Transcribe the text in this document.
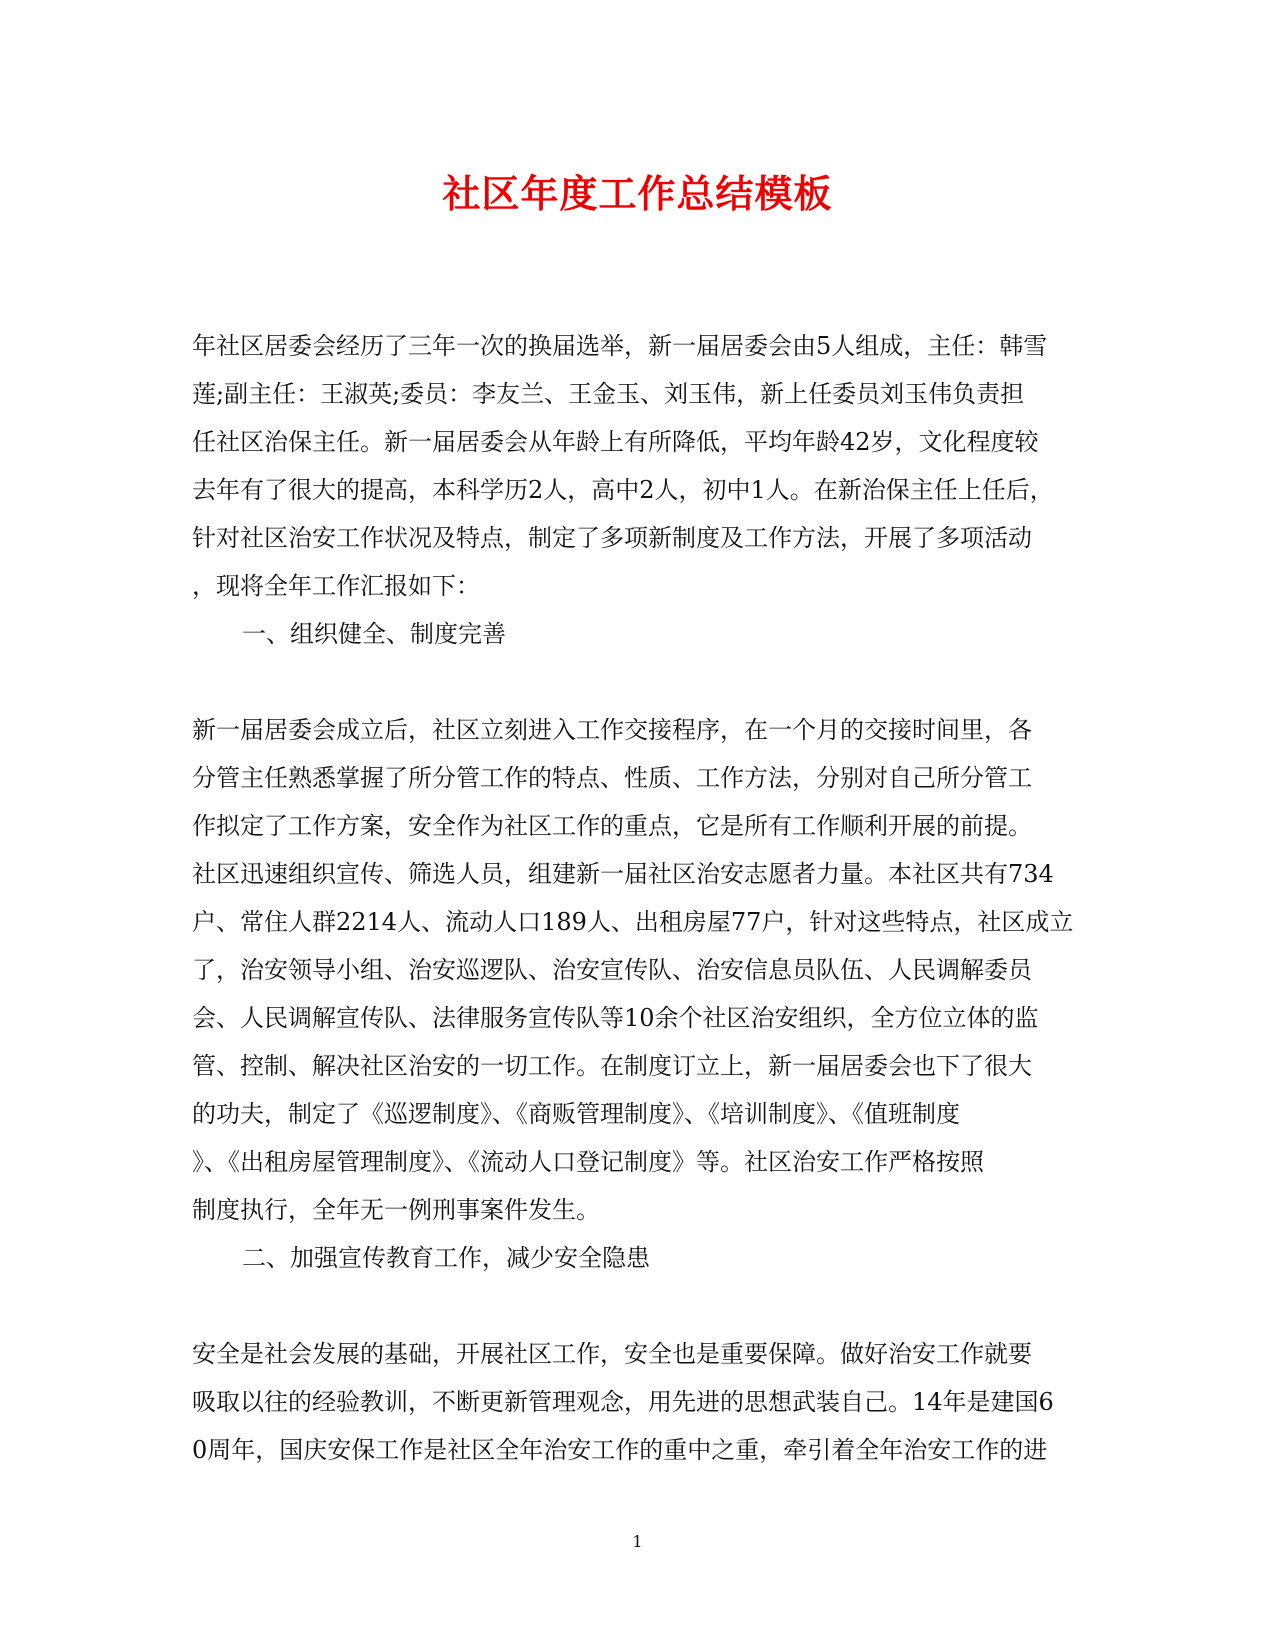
社区年度工作总结模板
年社区居委会经历了三年一次的换届选举，新一届居委会由5人组成，主任：韩雪
莲;副主任：王淑英;委员：李友兰、王金玉、刘玉伟，新上任委员刘玉伟负责担
任社区治保主任。新一届居委会从年龄上有所降低，平均年龄42岁，文化程度较
去年有了很大的提高，本科学历2人，高中2人，初中1人。在新治保主任上任后，
针对社区治安工作状况及特点，制定了多项新制度及工作方法，开展了多项活动
，现将全年工作汇报如下：
一、组织健全、制度完善
新一届居委会成立后，社区立刻进入工作交接程序，在一个月的交接时间里，各
分管主任熟悉掌握了所分管工作的特点、性质、工作方法，分别对自己所分管工
作拟定了工作方案，安全作为社区工作的重点，它是所有工作顺利开展的前提。
社区迅速组织宣传、筛选人员，组建新一届社区治安志愿者力量。本社区共有734
户、常住人群2214人、流动人口189人、出租房屋77户，针对这些特点，社区成立
了，治安领导小组、治安巡逻队、治安宣传队、治安信息员队伍、人民调解委员
会、人民调解宣传队、法律服务宣传队等10余个社区治安组织，全方位立体的监
管、控制、解决社区治安的一切工作。在制度订立上，新一届居委会也下了很大
的功夫，制定了《巡逻制度》、《商贩管理制度》、《培训制度》、《值班制度
》、《出租房屋管理制度》、《流动人口登记制度》等。社区治安工作严格按照
制度执行，全年无一例刑事案件发生。
二、加强宣传教育工作，减少安全隐患
安全是社会发展的基础，开展社区工作，安全也是重要保障。做好治安工作就要
吸取以往的经验教训，不断更新管理观念，用先进的思想武装自己。14年是建国6
0周年，国庆安保工作是社区全年治安工作的重中之重，牵引着全年治安工作的进
1
